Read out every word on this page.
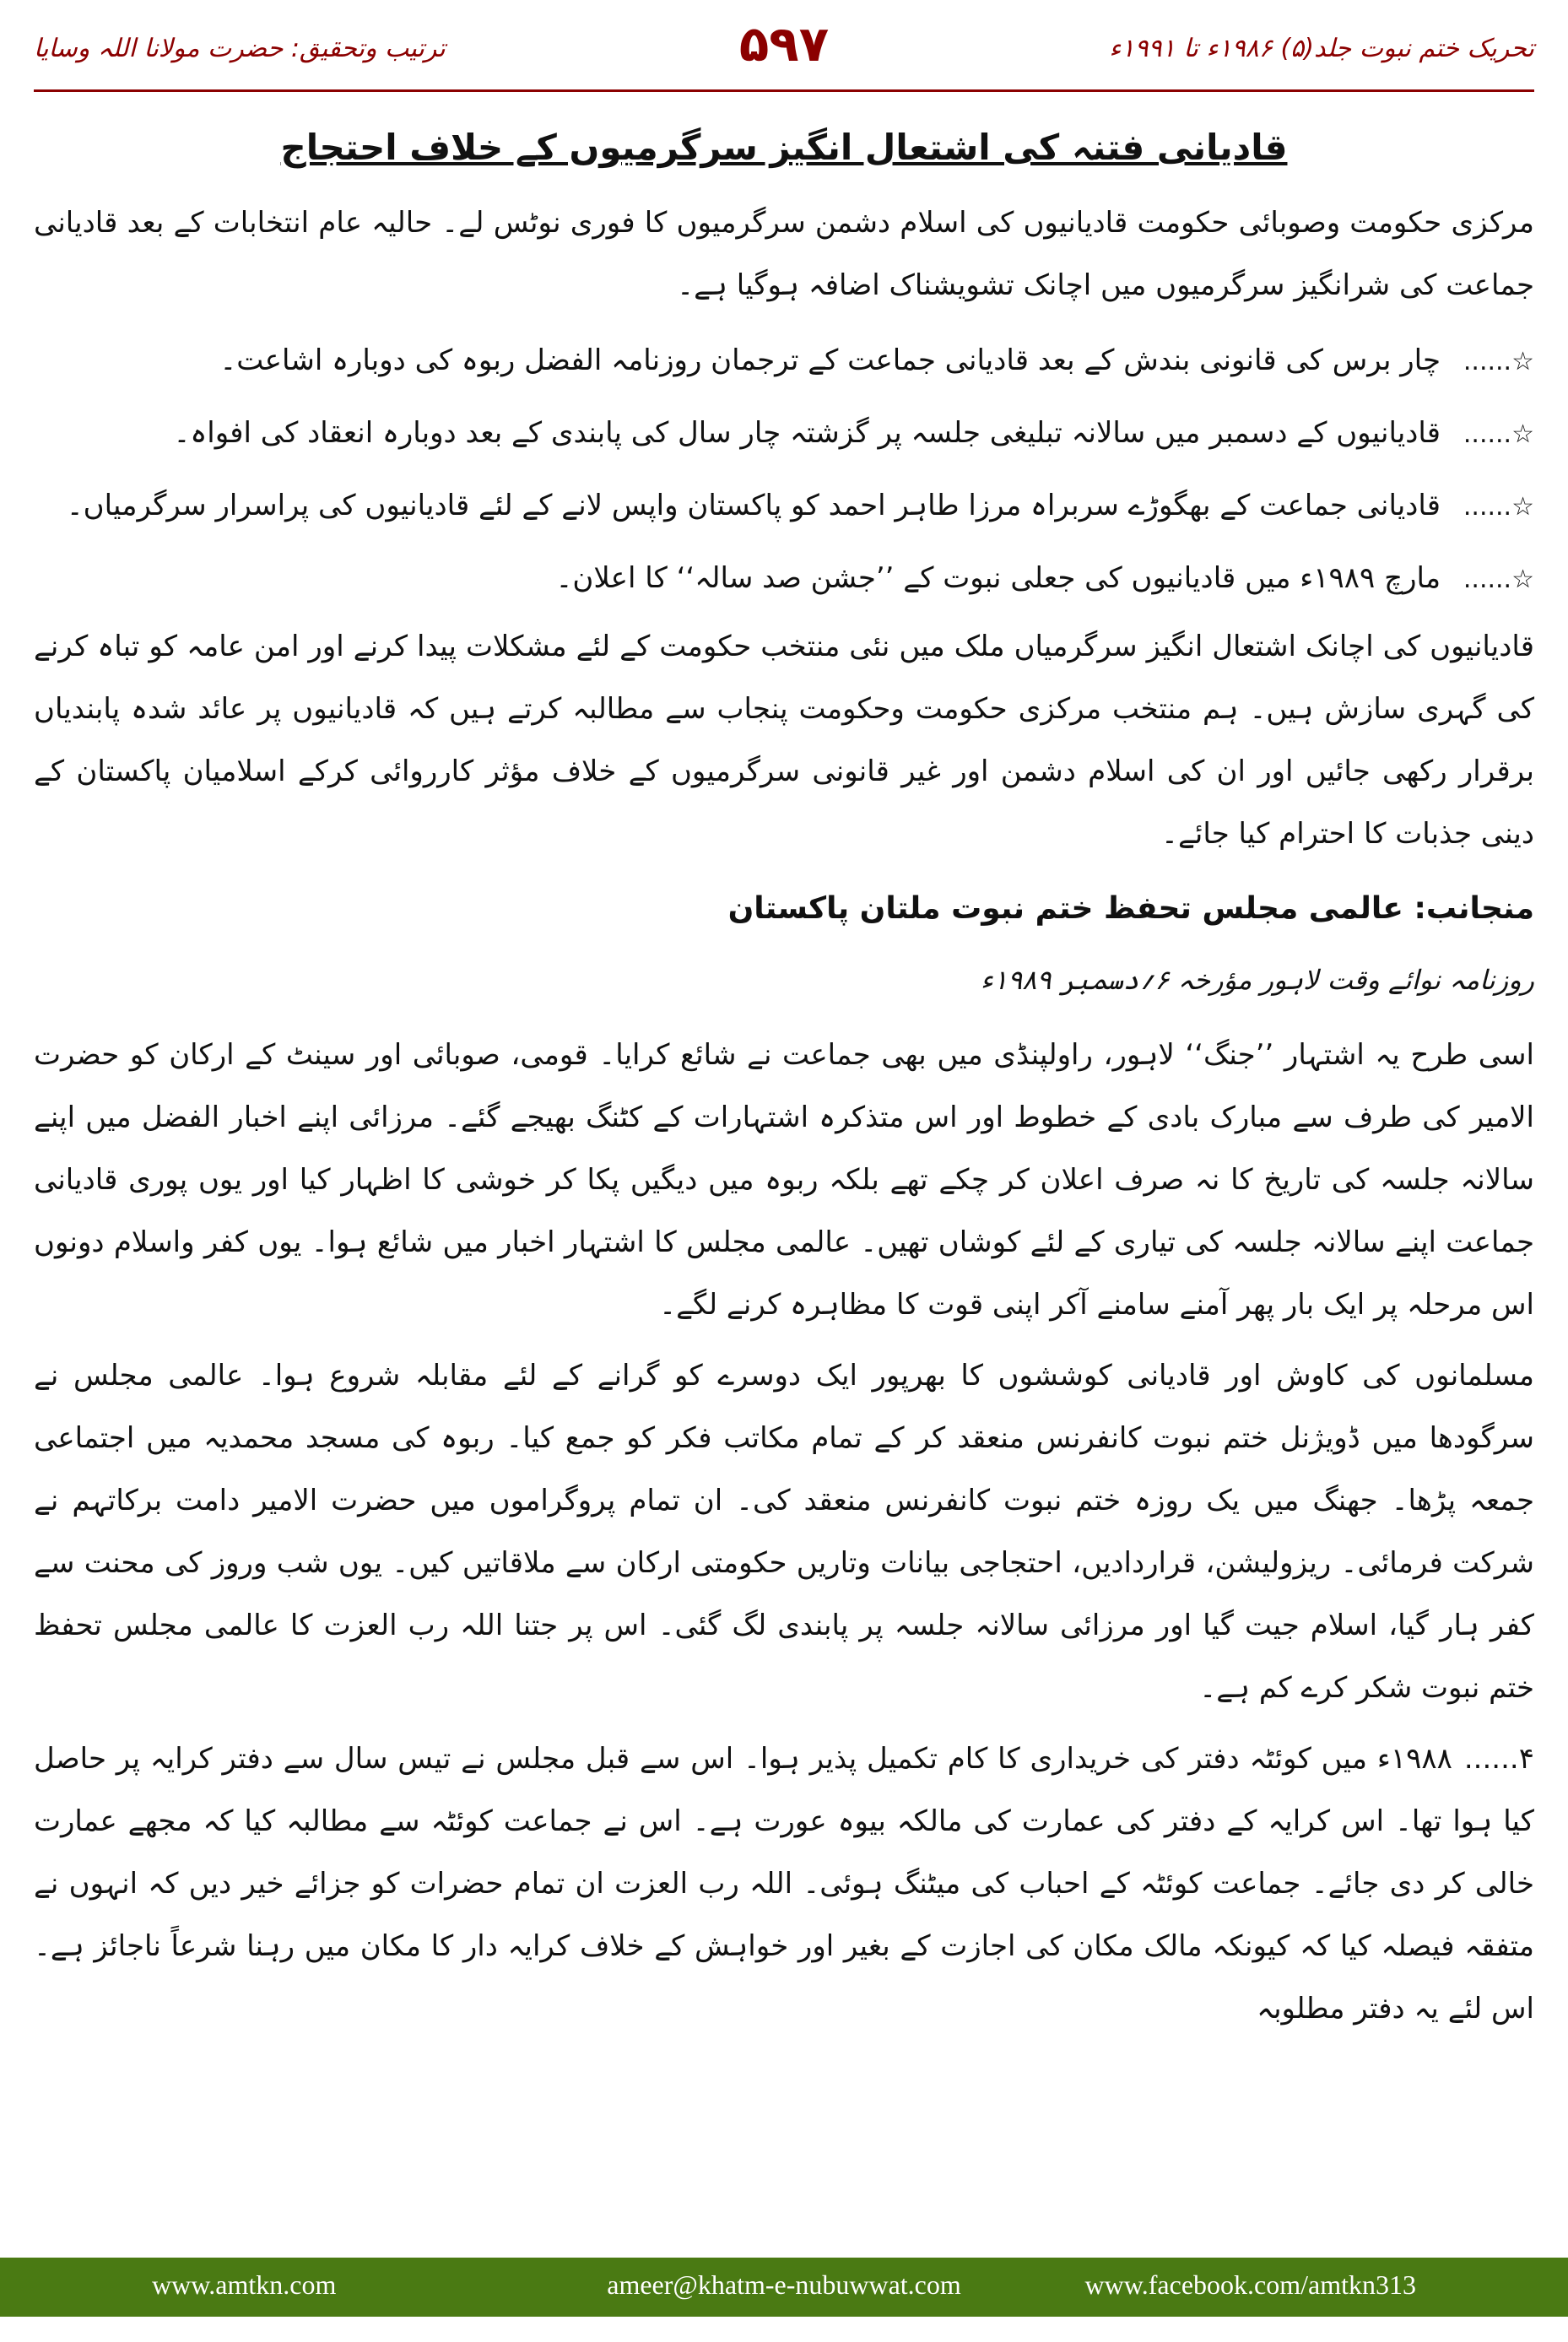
تحریک ختم نبوت جلد(۵) ۱۹۸۶ء تا ۱۹۹۱ء
۵۹۷
ترتیب وتحقیق: حضرت مولانا اللہ وسایا
قادیانی فتنہ کی اشتعال انگیز سرگرمیوں کے خلاف احتجاج

مرکزی حکومت وصوبائی حکومت قادیانیوں کی اسلام دشمن سرگرمیوں کا فوری نوٹس لے۔ حالیہ عام انتخابات کے بعد قادیانی جماعت کی شرانگیز سرگرمیوں میں اچانک تشویشناک اضافہ ہوگیا ہے۔

☆...... چار برس کی قانونی بندش کے بعد قادیانی جماعت کے ترجمان روزنامہ الفضل ربوہ کی دوبارہ اشاعت۔
☆...... قادیانیوں کے دسمبر میں سالانہ تبلیغی جلسہ پر گزشتہ چار سال کی پابندی کے بعد دوبارہ انعقاد کی افواہ۔
☆...... قادیانی جماعت کے بھگوڑے سربراہ مرزا طاہر احمد کو پاکستان واپس لانے کے لئے قادیانیوں کی پراسرار سرگرمیاں۔
☆...... مارچ ۱۹۸۹ء میں قادیانیوں کی جعلی نبوت کے ’’جشن صد سالہ‘‘ کا اعلان۔

قادیانیوں کی اچانک اشتعال انگیز سرگرمیاں ملک میں نئی منتخب حکومت کے لئے مشکلات پیدا کرنے اور امن عامہ کو تباہ کرنے کی گہری سازش ہیں۔ ہم منتخب مرکزی حکومت وحکومت پنجاب سے مطالبہ کرتے ہیں کہ قادیانیوں پر عائد شدہ پابندیاں برقرار رکھی جائیں اور ان کی اسلام دشمن اور غیر قانونی سرگرمیوں کے خلاف مؤثر کارروائی کرکے اسلامیان پاکستان کے دینی جذبات کا احترام کیا جائے۔

منجانب: عالمی مجلس تحفظ ختم نبوت ملتان پاکستان
روزنامہ نوائے وقت لاہور مؤرخہ ۶؍دسمبر ۱۹۸۹ء

اسی طرح یہ اشتہار ’’جنگ‘‘ لاہور، راولپنڈی میں بھی جماعت نے شائع کرایا۔ قومی، صوبائی اور سینٹ کے ارکان کو حضرت الامیر کی طرف سے مبارک بادی کے خطوط اور اس متذکرہ اشتہارات کے کٹنگ بھیجے گئے۔ مرزائی اپنے اخبار الفضل میں اپنے سالانہ جلسہ کی تاریخ کا نہ صرف اعلان کر چکے تھے بلکہ ربوہ میں دیگیں پکا کر خوشی کا اظہار کیا اور یوں پوری قادیانی جماعت اپنے سالانہ جلسہ کی تیاری کے لئے کوشاں تھیں۔ عالمی مجلس کا اشتہار اخبار میں شائع ہوا۔ یوں کفر واسلام دونوں اس مرحلہ پر ایک بار پھر آمنے سامنے آکر اپنی قوت کا مظاہرہ کرنے لگے۔

مسلمانوں کی کاوش اور قادیانی کوششوں کا بھرپور ایک دوسرے کو گرانے کے لئے مقابلہ شروع ہوا۔ عالمی مجلس نے سرگودھا میں ڈویژنل ختم نبوت کانفرنس منعقد کر کے تمام مکاتب فکر کو جمع کیا۔ ربوہ کی مسجد محمدیہ میں اجتماعی جمعہ پڑھا۔ جھنگ میں یک روزہ ختم نبوت کانفرنس منعقد کی۔ ان تمام پروگراموں میں حضرت الامیر دامت برکاتہم نے شرکت فرمائی۔ ریزولیشن، قراردادیں، احتجاجی بیانات وتاریں حکومتی ارکان سے ملاقاتیں کیں۔ یوں شب وروز کی محنت سے کفر ہار گیا، اسلام جیت گیا اور مرزائی سالانہ جلسہ پر پابندی لگ گئی۔ اس پر جتنا اللہ رب العزت کا عالمی مجلس تحفظ ختم نبوت شکر کرے کم ہے۔

۴......۱۹۸۸ء میں کوئٹہ دفتر کی خریداری کا کام تکمیل پذیر ہوا۔ اس سے قبل مجلس نے تیس سال سے دفتر کرایہ پر حاصل کیا ہوا تھا۔ اس کرایہ کے دفتر کی عمارت کی مالکہ بیوہ عورت ہے۔ اس نے جماعت کوئٹہ سے مطالبہ کیا کہ مجھے عمارت خالی کر دی جائے۔ جماعت کوئٹہ کے احباب کی میٹنگ ہوئی۔ اللہ رب العزت ان تمام حضرات کو جزائے خیر دیں کہ انہوں نے متفقہ فیصلہ کیا کہ کیونکہ مالک مکان کی اجازت کے بغیر اور خواہش کے خلاف کرایہ دار کا مکان میں رہنا شرعاً ناجائز ہے۔ اس لئے یہ دفتر مطلوبہ

www.amtkn.com	ameer@khatm-e-nubuwwat.com	www.facebook.com/amtkn313
